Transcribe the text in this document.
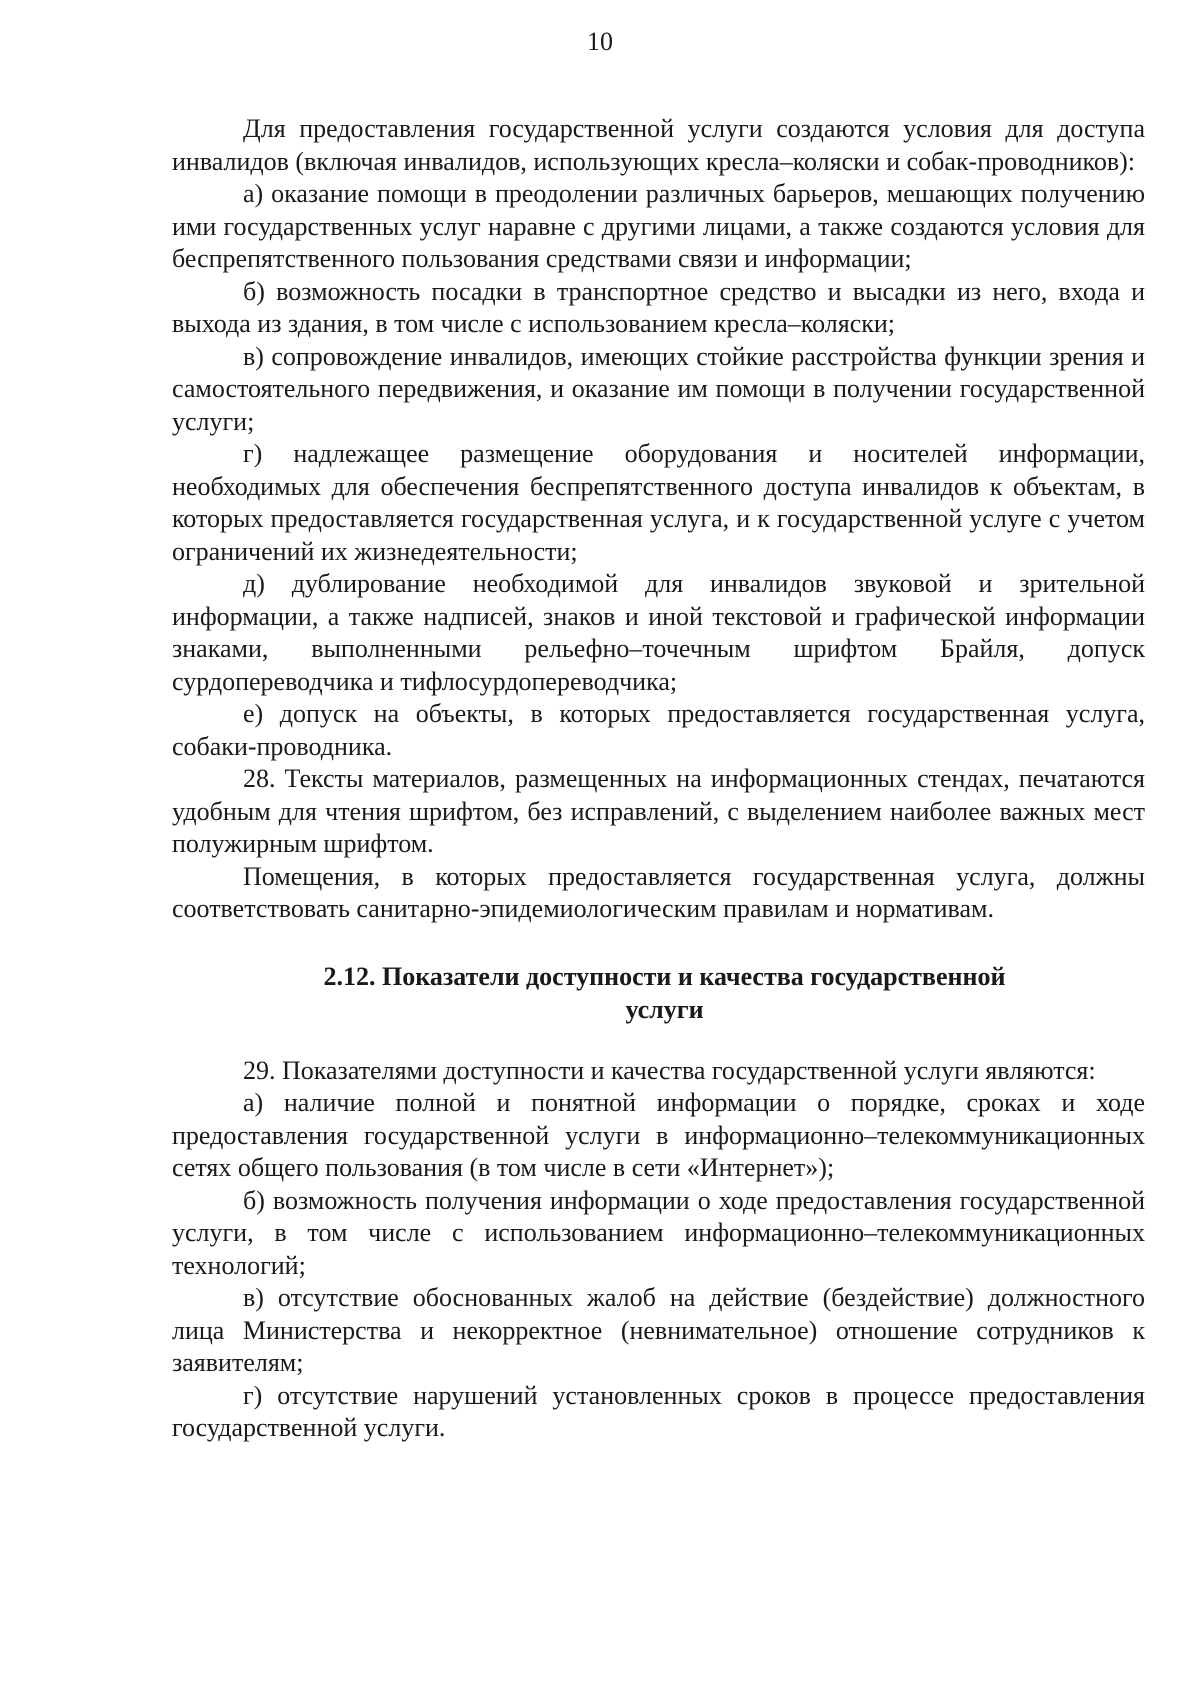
10

Для предоставления государственной услуги создаются условия для доступа инвалидов (включая инвалидов, использующих кресла–коляски и собак-проводников):

а) оказание помощи в преодолении различных барьеров, мешающих получению ими государственных услуг наравне с другими лицами, а также создаются условия для беспрепятственного пользования средствами связи и информации;

б) возможность посадки в транспортное средство и высадки из него, входа и выхода из здания, в том числе с использованием кресла–коляски;

в) сопровождение инвалидов, имеющих стойкие расстройства функции зрения и самостоятельного передвижения, и оказание им помощи в получении государственной услуги;

г) надлежащее размещение оборудования и носителей информации, необходимых для обеспечения беспрепятственного доступа инвалидов к объектам, в которых предоставляется государственная услуга, и к государственной услуге с учетом ограничений их жизнедеятельности;

д) дублирование необходимой для инвалидов звуковой и зрительной информации, а также надписей, знаков и иной текстовой и графической информации знаками, выполненными рельефно–точечным шрифтом Брайля, допуск сурдопереводчика и тифлосурдопереводчика;

е) допуск на объекты, в которых предоставляется государственная услуга, собаки-проводника.

28. Тексты материалов, размещенных на информационных стендах, печатаются удобным для чтения шрифтом, без исправлений, с выделением наиболее важных мест полужирным шрифтом.

Помещения, в которых предоставляется государственная услуга, должны соответствовать санитарно-эпидемиологическим правилам и нормативам.

2.12. Показатели доступности и качества государственной
услуги

29. Показателями доступности и качества государственной услуги являются:

а) наличие полной и понятной информации о порядке, сроках и ходе предоставления государственной услуги в информационно–телекоммуникационных сетях общего пользования (в том числе в сети «Интернет»);

б) возможность получения информации о ходе предоставления государственной услуги, в том числе с использованием информационно–телекоммуникационных технологий;

в) отсутствие обоснованных жалоб на действие (бездействие) должностного лица Министерства и некорректное (невнимательное) отношение сотрудников к заявителям;

г) отсутствие нарушений установленных сроков в процессе предоставления государственной услуги.
